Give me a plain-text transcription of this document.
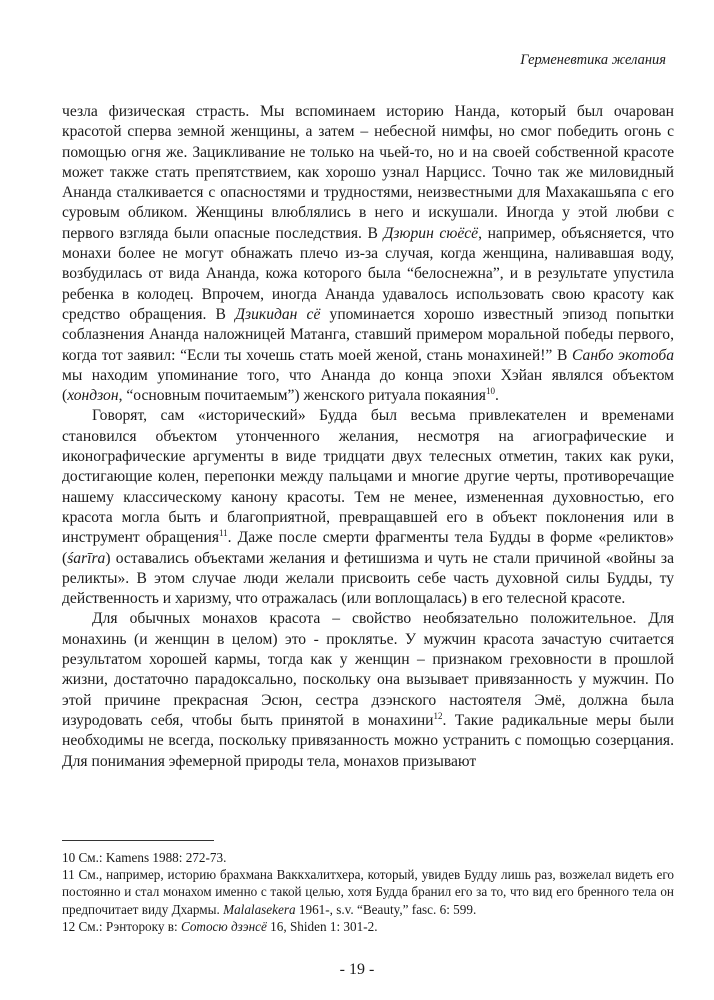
Герменевтика желания

чезла физическая страсть. Мы вспоминаем историю Нанда, который был очарован красотой сперва земной женщины, а затем – небесной нимфы, но смог победить огонь с помощью огня же. Зацикливание не только на чьей-то, но и на своей собственной красоте может также стать препятствием, как хорошо узнал Нарцисс. Точно так же миловидный Ананда сталкивается с опасностями и трудностями, неизвестными для Махакашьяпа с его суровым обликом. Женщины влюблялись в него и искушали. Иногда у этой любви с первого взгляда были опасные последствия. В Дзюрин сюёсё, например, объясняется, что монахи более не могут обнажать плечо из-за случая, когда женщина, наливавшая воду, возбудилась от вида Ананда, кожа которого была “белоснежна”, и в результате упустила ребенка в колодец. Впрочем, иногда Ананда удавалось использовать свою красоту как средство обращения. В Дзикидан сё упоминается хорошо известный эпизод попытки соблазнения Ананда наложницей Матанга, ставший примером моральной победы первого, когда тот заявил: “Если ты хочешь стать моей женой, стань монахиней!” В Санбо экотоба мы находим упоминание того, что Ананда до конца эпохи Хэйан являлся объектом (хондзон, “основным почитаемым”) женского ритуала покаяния$^{10}$.

Говорят, сам «исторический» Будда был весьма привлекателен и временами становился объектом утонченного желания, несмотря на агиографические и иконографические аргументы в виде тридцати двух телесных отметин, таких как руки, достигающие колен, перепонки между пальцами и многие другие черты, противоречащие нашему классическому канону красоты. Тем не менее, измененная духовностью, его красота могла быть и благоприятной, превращавшей его в объект поклонения или в инструмент обращения$^{11}$. Даже после смерти фрагменты тела Будды в форме «реликтов» (śarīra) оставались объектами желания и фетишизма и чуть не стали причиной «войны за реликты». В этом случае люди желали присвоить себе часть духовной силы Будды, ту действенность и харизму, что отражалась (или воплощалась) в его телесной красоте.

Для обычных монахов красота – свойство необязательно положительное. Для монахинь (и женщин в целом) это - проклятье. У мужчин красота зачастую считается результатом хорошей кармы, тогда как у женщин – признаком греховности в прошлой жизни, достаточно парадоксально, поскольку она вызывает привязанность у мужчин. По этой причине прекрасная Эсюн, сестра дзэнского настоятеля Эмё, должна была изуродовать себя, чтобы быть принятой в монахини$^{12}$. Такие радикальные меры были необходимы не всегда, поскольку привязанность можно устранить с помощью созерцания. Для понимания эфемерной природы тела, монахов призывают

10 См.: Kamens 1988: 272-73.

11 См., например, историю брахмана Ваккхалитхера, который, увидев Будду лишь раз, возжелал видеть его постоянно и стал монахом именно с такой целью, хотя Будда бранил его за то, что вид его бренного тела он предпочитает виду Дхармы. Malalasekera 1961-, s.v. “Beauty,” fasc. 6: 599.

12 См.: Рэнтороку в: Сотосю дзэнсё 16, Shiden 1: 301-2.

- 19 -
